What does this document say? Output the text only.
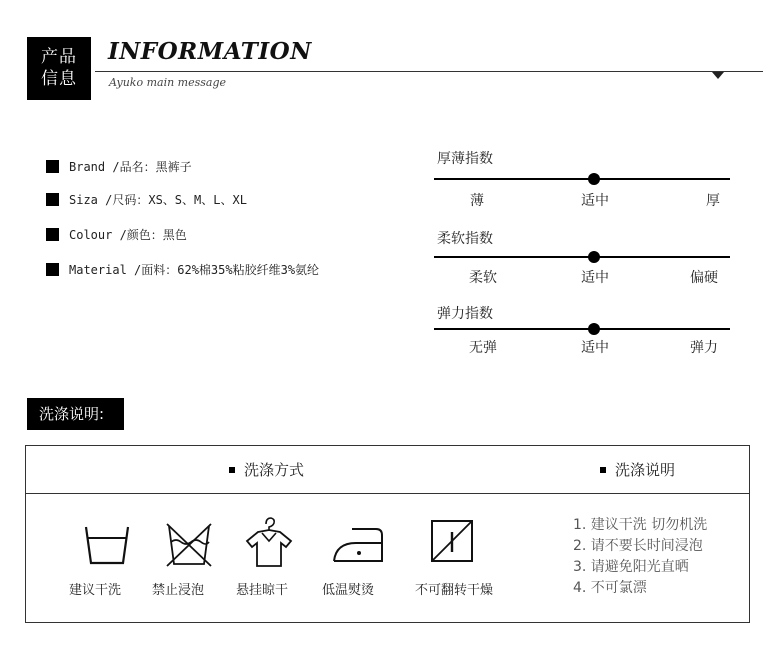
产品
信息
INFORMATION
Ayuko main message
Brand /品名：黑裤子
Siza /尺码：XS、S、M、L、XL
Colour /颜色：黑色
Material /面料：62%棉35%粘胶纤维3%氨纶
厚薄指数
薄	适中	厚
柔软指数
柔软	适中	偏硬
弹力指数
无弹	适中	弹力
洗涤说明:
洗涤方式	洗涤说明
建议干洗	禁止浸泡	悬挂晾干	低温熨烫	不可翻转干燥
1. 建议干洗 切勿机洗
2. 请不要长时间浸泡
3. 请避免阳光直晒
4. 不可氯漂
